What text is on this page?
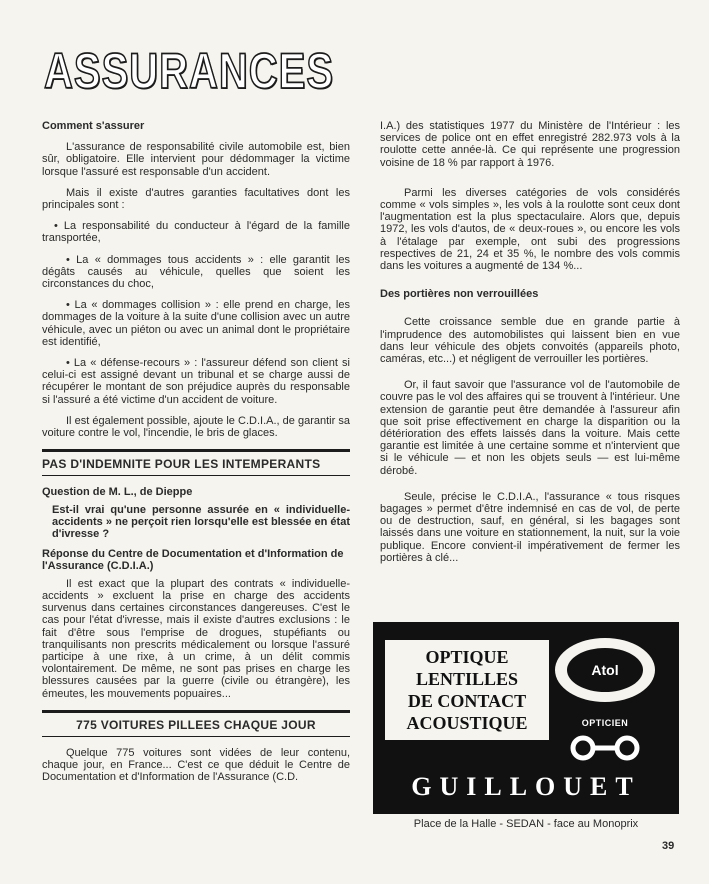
ASSURANCES
Comment s'assurer

L'assurance de responsabilité civile automobile est, bien sûr, obligatoire. Elle intervient pour dédommager la victime lorsque l'assuré est responsable d'un accident.

Mais il existe d'autres garanties facultatives dont les principales sont :

• La responsabilité du conducteur à l'égard de la famille transportée,

• La « dommages tous accidents » : elle garantit les dégâts causés au véhicule, quelles que soient les circonstances du choc,

• La « dommages collision » : elle prend en charge, les dommages de la voiture à la suite d'une collision avec un autre véhicule, avec un piéton ou avec un animal dont le propriétaire est identifié,

• La « défense-recours » : l'assureur défend son client si celui-ci est assigné devant un tribunal et se charge aussi de récupérer le montant de son préjudice auprès du responsable si l'assuré a été victime d'un accident de voiture.

Il est également possible, ajoute le C.D.I.A., de garantir sa voiture contre le vol, l'incendie, le bris de glaces.

PAS D'INDEMNITE POUR LES INTEMPERANTS
Question de M. L., de Dieppe
Est-il vrai qu'une personne assurée en « individuelle-accidents » ne perçoit rien lorsqu'elle est blessée en état d'ivresse ?
Réponse du Centre de Documentation et d'Information de l'Assurance (C.D.I.A.)

Il est exact que la plupart des contrats « individuelle-accidents » excluent la prise en charge des accidents survenus dans certaines circonstances dangereuses. C'est le cas pour l'état d'ivresse, mais il existe d'autres exclusions : le fait d'être sous l'emprise de drogues, stupéfiants ou tranquilisants non prescrits médicalement ou lorsque l'assuré participe à une rixe, à un crime, à un délit commis volontairement. De même, ne sont pas prises en charge les blessures causées par la guerre (civile ou étrangère), les émeutes, les mouvements popuaires...

775 VOITURES PILLEES CHAQUE JOUR

Quelque 775 voitures sont vidées de leur contenu, chaque jour, en France... C'est ce que déduit le Centre de Documentation et d'Information de l'Assurance (C.D.

I.A.) des statistiques 1977 du Ministère de l'Intérieur : les services de police ont en effet enregistré 282.973 vols à la roulotte cette année-là. Ce qui représente une progression voisine de 18 % par rapport à 1976.

Parmi les diverses catégories de vols considérés comme « vols simples », les vols à la roulotte sont ceux dont l'augmentation est la plus spectaculaire. Alors que, depuis 1972, les vols d'autos, de « deux-roues », ou encore les vols à l'étalage par exemple, ont subi des progressions respectives de 21, 24 et 35 %, le nombre des vols commis dans les voitures a augmenté de 134 %...

Des portières non verrouillées

Cette croissance semble due en grande partie à l'imprudence des automobilistes qui laissent bien en vue dans leur véhicule des objets convoités (appareils photo, caméras, etc...) et négligent de verrouiller les portières.

Or, il faut savoir que l'assurance vol de l'automobile de couvre pas le vol des affaires qui se trouvent à l'intérieur. Une extension de garantie peut être demandée à l'assureur afin que soit prise effectivement en charge la disparition ou la détérioration des effets laissés dans la voiture. Mais cette garantie est limitée à une certaine somme et n'intervient que si le véhicule — et non les objets seuls — est lui-même dérobé.

Seule, précise le C.D.I.A., l'assurance « tous risques bagages » permet d'être indemnisé en cas de vol, de perte ou de destruction, sauf, en général, si les bagages sont laissés dans une voiture en stationnement, la nuit, sur la voie publique. Encore convient-il impérativement de fermer les portières à clé...

OPTIQUE
LENTILLES
DE CONTACT
ACOUSTIQUE
Atol
OPTICIEN
GUILLOUET
Place de la Halle - SEDAN - face au Monoprix
39
